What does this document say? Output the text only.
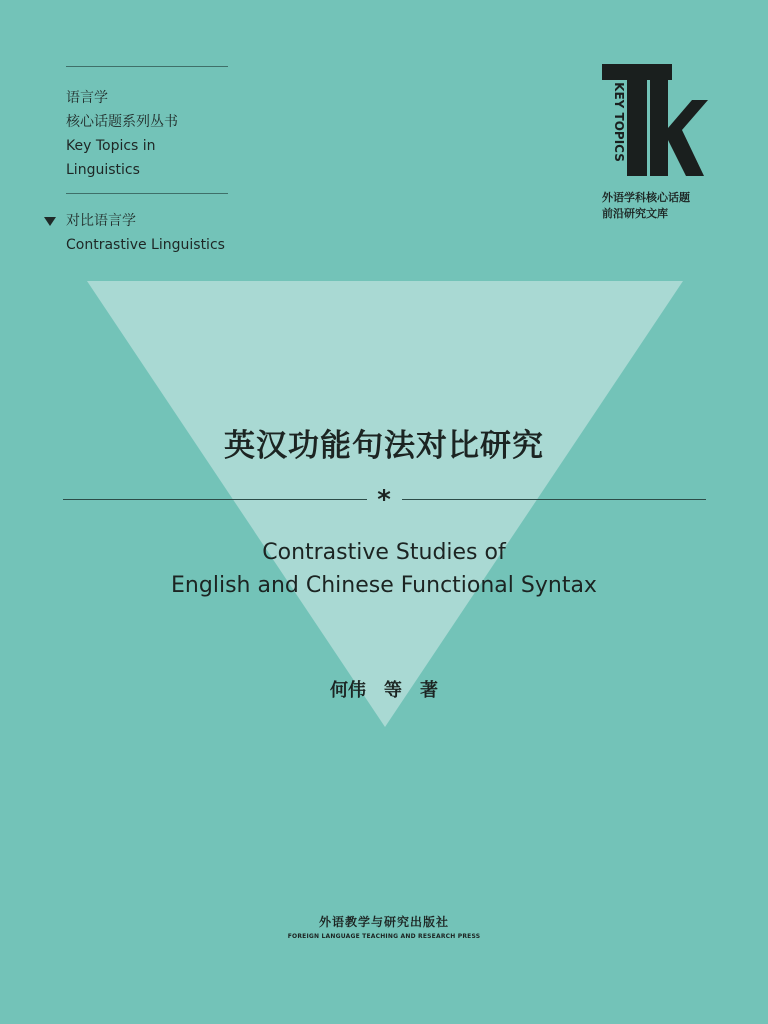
语言学
核心话题系列丛书
Key Topics in
Linguistics
对比语言学
Contrastive Linguistics
KEY TOPICS
外语学科核心话题
前沿研究文库
英汉功能句法对比研究
*
Contrastive Studies of
English and Chinese Functional Syntax
何伟　等　著
外语教学与研究出版社
FOREIGN LANGUAGE TEACHING AND RESEARCH PRESS
